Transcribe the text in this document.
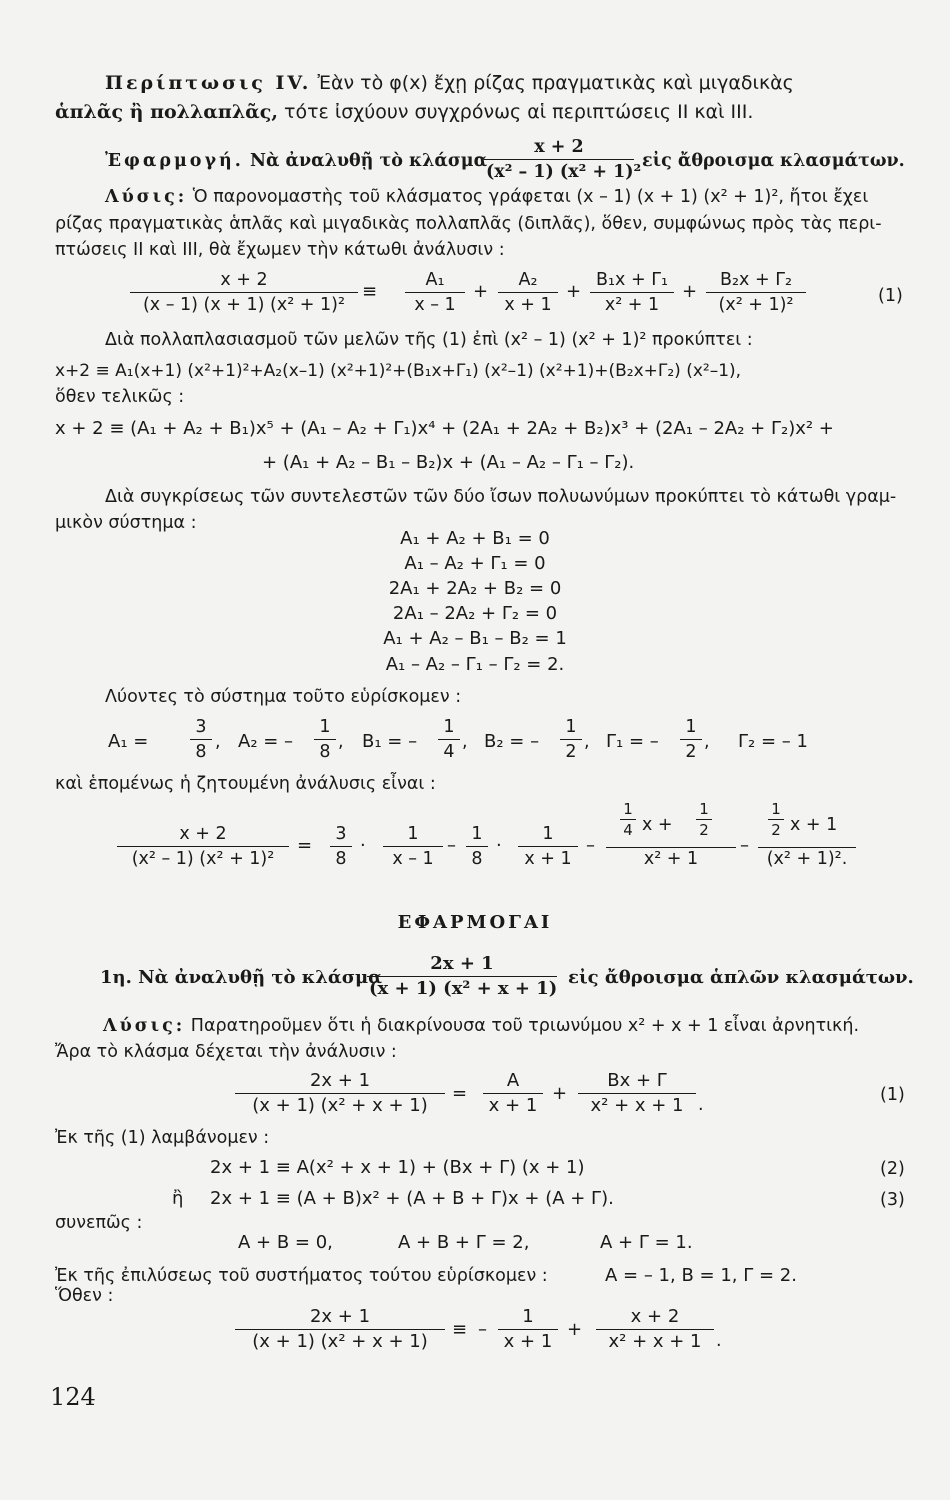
Περίπτωσις IV. Ἐὰν τὸ φ(x) ἔχῃ ρίζας πραγματικὰς καὶ μιγαδικὰς
ἁπλᾶς ἢ πολλαπλᾶς, τότε ἰσχύουν συγχρόνως αἱ περιπτώσεις II καὶ III.
Ἐφαρμογή. Νὰ ἀναλυθῇ τὸ κλάσμα
x + 2
(x² – 1) (x² + 1)²
εἰς ἄθροισμα κλασμάτων.
Λύσις: Ὁ παρονομαστὴς τοῦ κλάσματος γράφεται (x – 1) (x + 1) (x² + 1)², ἤτοι ἔχει
ρίζας πραγματικὰς ἁπλᾶς καὶ μιγαδικὰς πολλαπλᾶς (διπλᾶς), ὅθεν, συμφώνως πρὸς τὰς περι-
πτώσεις II καὶ III, θὰ ἔχωμεν τὴν κάτωθι ἀνάλυσιν :
x + 2
(x – 1) (x + 1) (x² + 1)²
≡
A₁
x – 1
+
A₂
x + 1
+
B₁x + Γ₁
x² + 1
+
B₂x + Γ₂
(x² + 1)²	(1)
Διὰ πολλαπλασιασμοῦ τῶν μελῶν τῆς (1) ἐπὶ (x² – 1) (x² + 1)² προκύπτει :
x+2 ≡ A₁(x+1) (x²+1)²+A₂(x–1) (x²+1)²+(B₁x+Γ₁) (x²–1) (x²+1)+(B₂x+Γ₂) (x²–1),
ὅθεν τελικῶς :
x + 2 ≡ (A₁ + A₂ + B₁)x⁵ + (A₁ – A₂ + Γ₁)x⁴ + (2A₁ + 2A₂ + B₂)x³ + (2A₁ – 2A₂ + Γ₂)x² +
+ (A₁ + A₂ – B₁ – B₂)x + (A₁ – A₂ – Γ₁ – Γ₂).
Διὰ συγκρίσεως τῶν συντελεστῶν τῶν δύο ἴσων πολυωνύμων προκύπτει τὸ κάτωθι γραμ-
μικὸν σύστημα :
A₁ + A₂ + B₁ = 0
A₁ – A₂ + Γ₁ = 0
2A₁ + 2A₂ + B₂ = 0
2A₁ – 2A₂ + Γ₂ = 0
A₁ + A₂ – B₁ – B₂ = 1
A₁ – A₂ – Γ₁ – Γ₂ = 2.
Λύοντες τὸ σύστημα τοῦτο εὑρίσκομεν :
A₁ =
3
8 , A₂ = –
1
8 , B₁ = –
1
4 , B₂ = –
1
2 , Γ₁ = –
1
2 , Γ₂ = – 1
καὶ ἑπομένως ἡ ζητουμένη ἀνάλυσις εἶναι :
x + 2
(x² – 1) (x² + 1)²
=
3
8
·
1
x – 1
–
1
8
·
1
x + 1
–
1
4 x +
1
2
x² + 1
–
1
2 x + 1
(x² + 1)².
ΕΦΑΡΜΟΓΑΙ
1η. Νὰ ἀναλυθῇ τὸ κλάσμα
2x + 1
(x + 1) (x² + x + 1)
εἰς ἄθροισμα ἁπλῶν κλασμάτων.
Λύσις: Παρατηροῦμεν ὅτι ἡ διακρίνουσα τοῦ τριωνύμου x² + x + 1 εἶναι ἀρνητική.
Ἄρα τὸ κλάσμα δέχεται τὴν ἀνάλυσιν :
2x + 1
(x + 1) (x² + x + 1)
=
A
x + 1
+
Bx + Γ
x² + x + 1 .	(1)
Ἐκ τῆς (1) λαμβάνομεν :
2x + 1 ≡ A(x² + x + 1) + (Bx + Γ) (x + 1)	(2)
ἢ 2x + 1 ≡ (A + B)x² + (A + B + Γ)x + (A + Γ).	(3)
συνεπῶς :
A + B = 0,	A + B + Γ = 2,	A + Γ = 1.
Ἐκ τῆς ἐπιλύσεως τοῦ συστήματος τούτου εὑρίσκομεν :	A = – 1, B = 1, Γ = 2.
Ὅθεν :
2x + 1
(x + 1) (x² + x + 1)
≡ –
1
x + 1
+
x + 2
x² + x + 1 .
124
